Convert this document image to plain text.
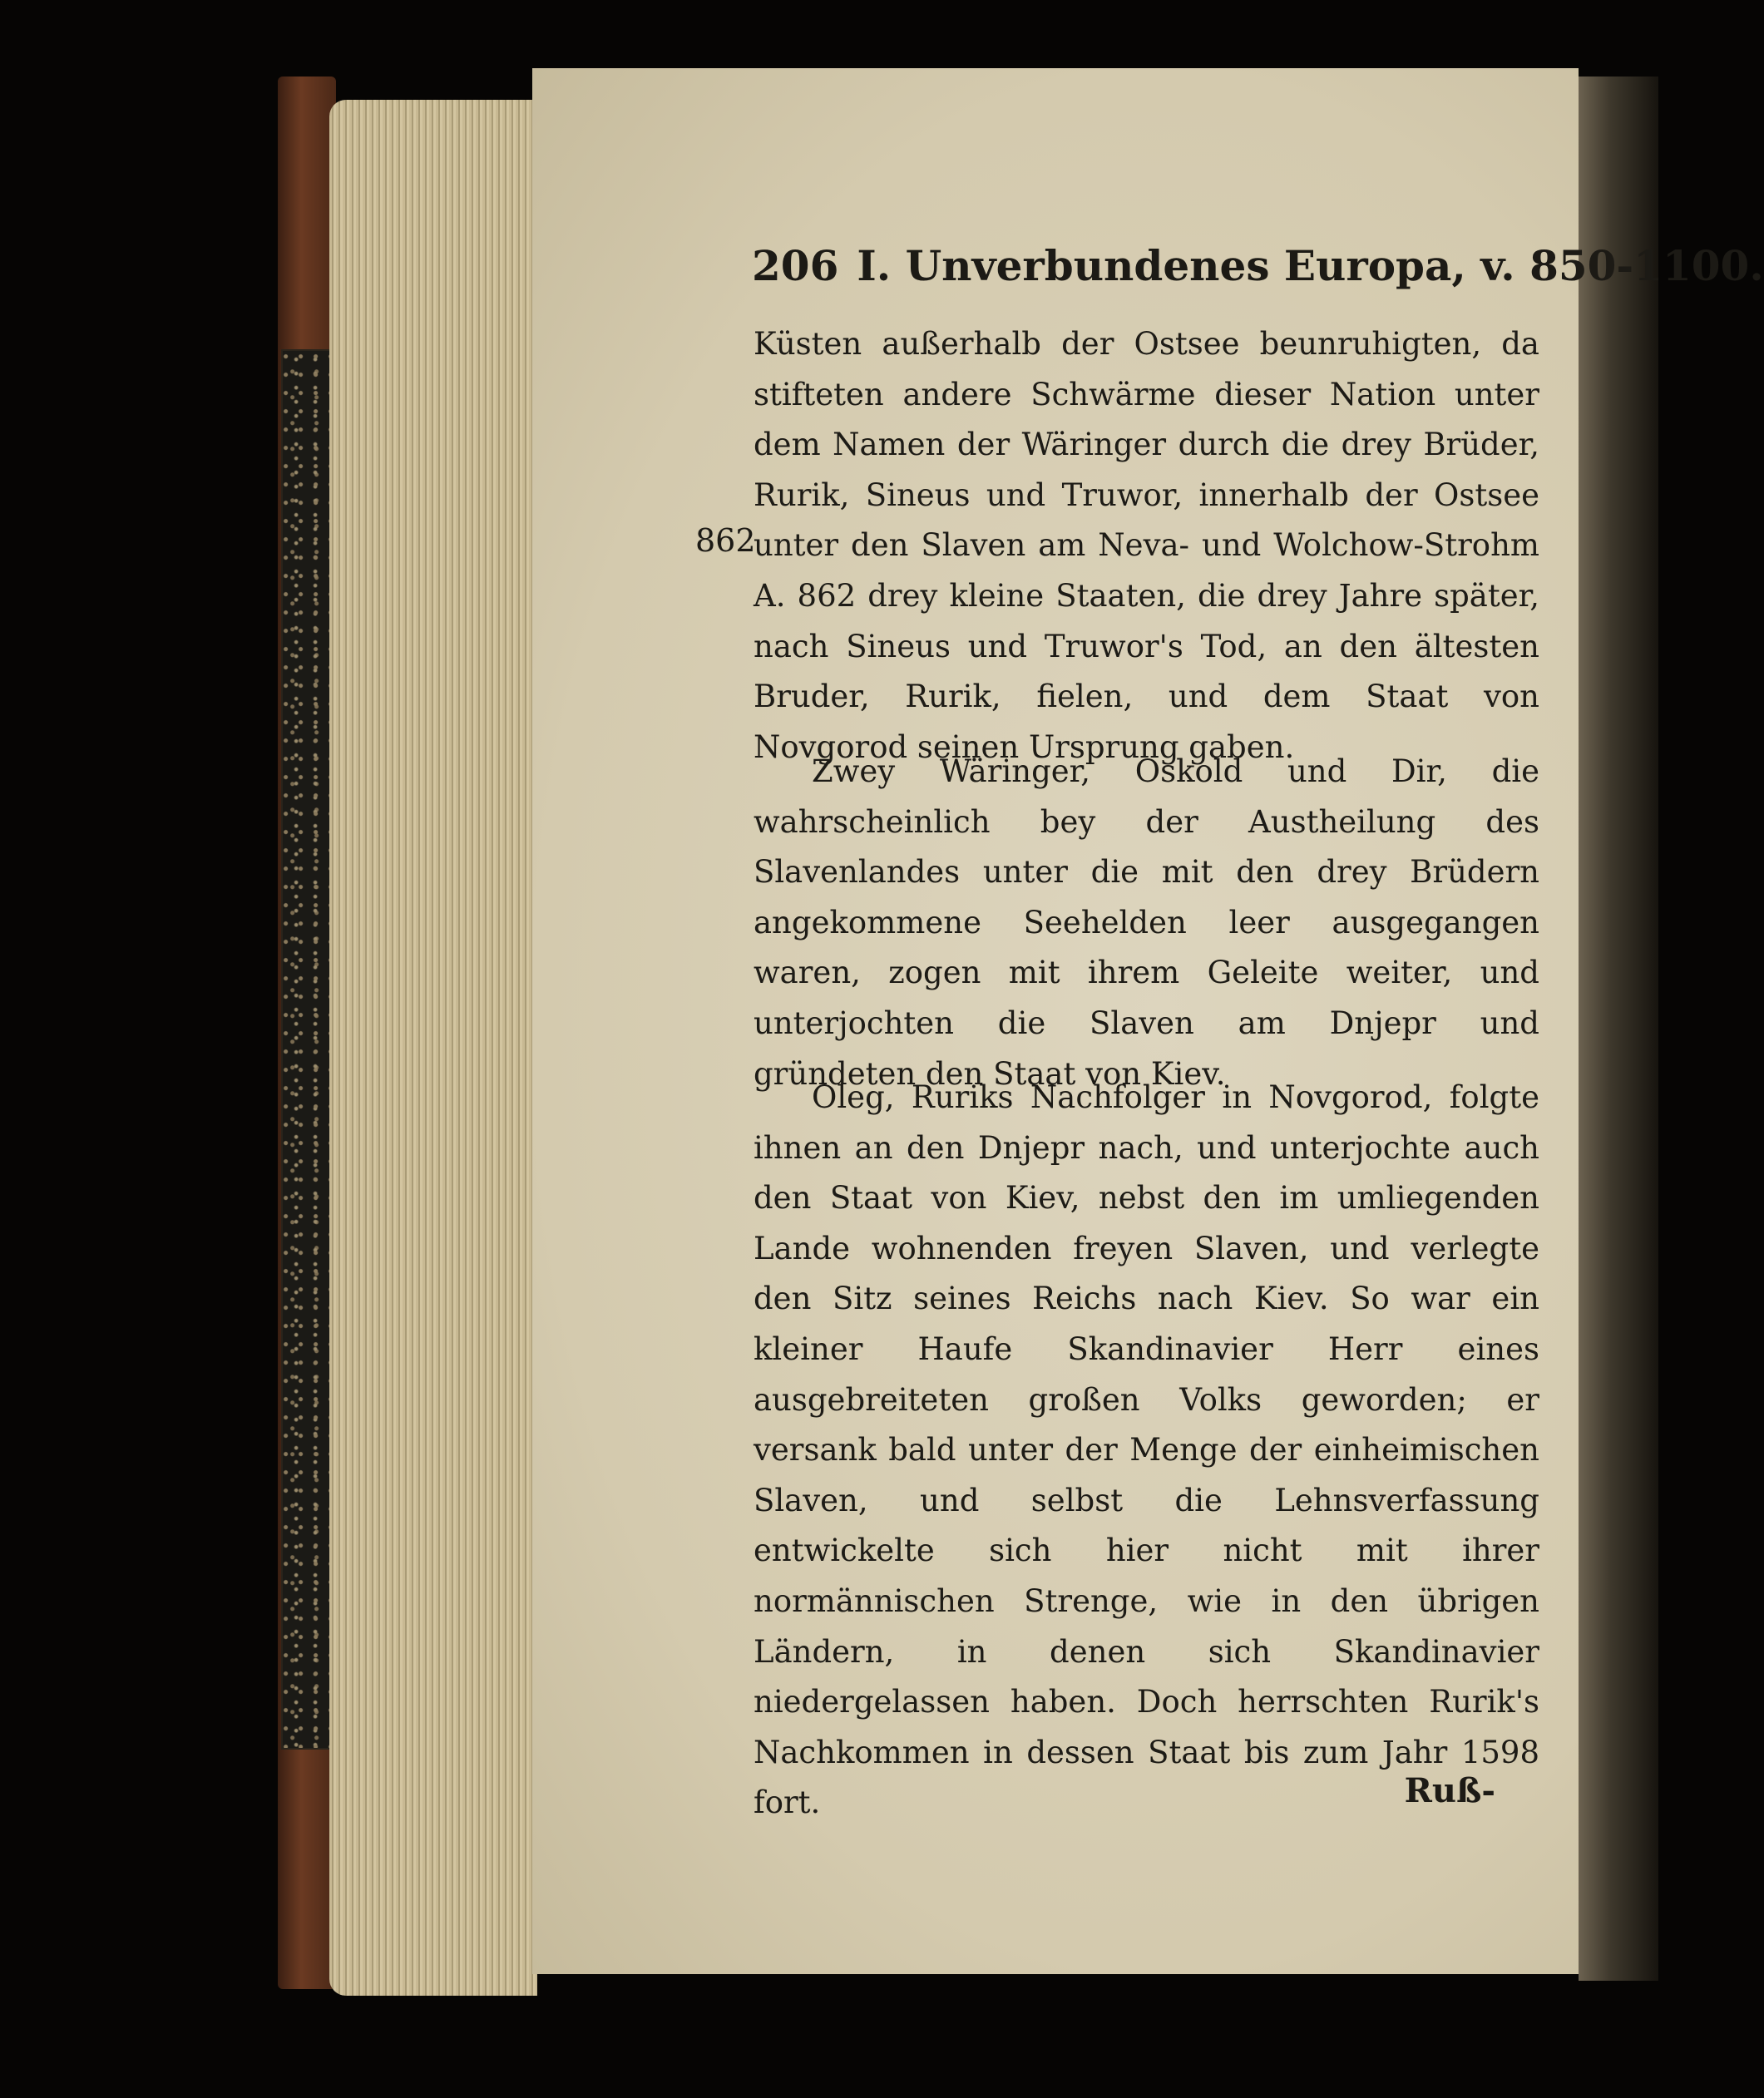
206 I. Unverbundenes Europa, v. 850-1100.
862

Küsten außerhalb der Ostsee beunruhigten, da stifteten andere Schwärme dieser Nation unter dem Namen der Wäringer durch die drey Brüder, Rurik, Sineus und Truwor, innerhalb der Ostsee unter den Slaven am Neva- und Wolchow-Strohm A. 862 drey kleine Staaten, die drey Jahre später, nach Sineus und Truwor's Tod, an den ältesten Bruder, Rurik, fielen, und dem Staat von Novgorod seinen Ursprung gaben.

Zwey Wäringer, Oskold und Dir, die wahrscheinlich bey der Austheilung des Slavenlandes unter die mit den drey Brüdern angekommene Seehelden leer ausgegangen waren, zogen mit ihrem Geleite weiter, und unterjochten die Slaven am Dnjepr und gründeten den Staat von Kiev.

Oleg, Ruriks Nachfolger in Novgorod, folgte ihnen an den Dnjepr nach, und unterjochte auch den Staat von Kiev, nebst den im umliegenden Lande wohnenden freyen Slaven, und verlegte den Sitz seines Reichs nach Kiev. So war ein kleiner Haufe Skandinavier Herr eines ausgebreiteten großen Volks geworden; er versank bald unter der Menge der einheimischen Slaven, und selbst die Lehnsverfassung entwickelte sich hier nicht mit ihrer normännischen Strenge, wie in den übrigen Ländern, in denen sich Skandinavier niedergelassen haben. Doch herrschten Rurik's Nachkommen in dessen Staat bis zum Jahr 1598 fort.	Ruß-
